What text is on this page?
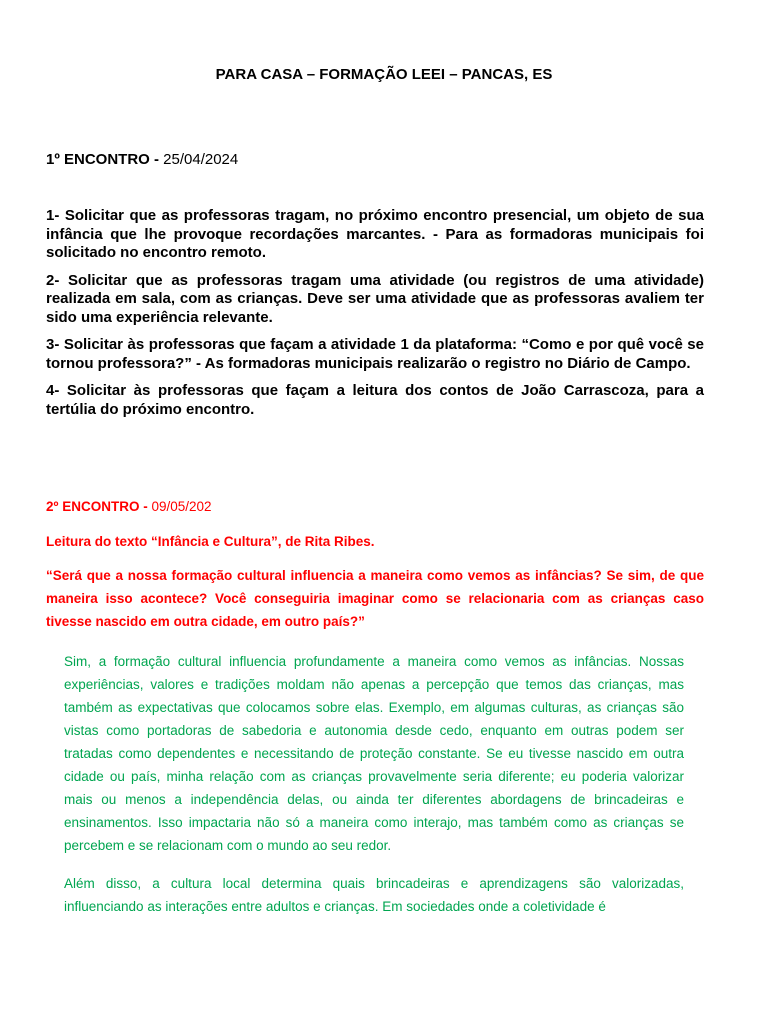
PARA CASA – FORMAÇÃO LEEI – PANCAS, ES
1º ENCONTRO - 25/04/2024

1- Solicitar que as professoras tragam, no próximo encontro presencial, um objeto de sua infância que lhe provoque recordações marcantes. - Para as formadoras municipais foi solicitado no encontro remoto.

2- Solicitar que as professoras tragam uma atividade (ou registros de uma atividade) realizada em sala, com as crianças. Deve ser uma atividade que as professoras avaliem ter sido uma experiência relevante.

3- Solicitar às professoras que façam a atividade 1 da plataforma: “Como e por quê você se tornou professora?” - As formadoras municipais realizarão o registro no Diário de Campo.

4- Solicitar às professoras que façam a leitura dos contos de João Carrascoza, para a tertúlia do próximo encontro.

2º ENCONTRO - 09/05/202
Leitura do texto “Infância e Cultura”, de Rita Ribes.

“Será que a nossa formação cultural influencia a maneira como vemos as infâncias? Se sim, de que maneira isso acontece? Você conseguiria imaginar como se relacionaria com as crianças caso tivesse nascido em outra cidade, em outro país?”

Sim, a formação cultural influencia profundamente a maneira como vemos as infâncias. Nossas experiências, valores e tradições moldam não apenas a percepção que temos das crianças, mas também as expectativas que colocamos sobre elas. Exemplo, em algumas culturas, as crianças são vistas como portadoras de sabedoria e autonomia desde cedo, enquanto em outras podem ser tratadas como dependentes e necessitando de proteção constante. Se eu tivesse nascido em outra cidade ou país, minha relação com as crianças provavelmente seria diferente; eu poderia valorizar mais ou menos a independência delas, ou ainda ter diferentes abordagens de brincadeiras e ensinamentos. Isso impactaria não só a maneira como interajo, mas também como as crianças se percebem e se relacionam com o mundo ao seu redor.

Além disso, a cultura local determina quais brincadeiras e aprendizagens são valorizadas, influenciando as interações entre adultos e crianças. Em sociedades onde a coletividade é
